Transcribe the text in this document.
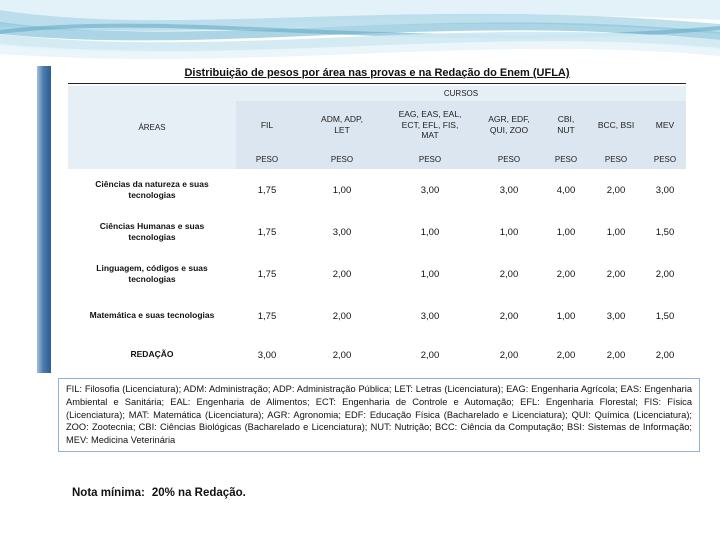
Distribuição de pesos por área nas provas e na Redação do Enem (UFLA)
ÁREAS	CURSOS						
	FIL	ADM, ADP, LET	EAG, EAS, EAL, ECT, EFL, FIS, MAT	AGR, EDF, QUI, ZOO	CBI, NUT	BCC, BSI	MEV
	PESO	PESO	PESO	PESO	PESO	PESO	PESO
Ciências da natureza e suas tecnologias	1,75	1,00	3,00	3,00	4,00	2,00	3,00
Ciências Humanas e suas tecnologias	1,75	3,00	1,00	1,00	1,00	1,00	1,50
Linguagem, códigos e suas tecnologias	1,75	2,00	1,00	2,00	2,00	2,00	2,00
Matemática e suas tecnologias	1,75	2,00	3,00	2,00	1,00	3,00	1,50
REDAÇÃO	3,00	2,00	2,00	2,00	2,00	2,00	2,00
FIL: Filosofia (Licenciatura); ADM: Administração; ADP: Administração Pública; LET: Letras (Licenciatura); EAG: Engenharia Agrícola; EAS: Engenharia Ambiental e Sanitária; EAL: Engenharia de Alimentos; ECT: Engenharia de Controle e Automação; EFL: Engenharia Florestal; FIS: Física (Licenciatura); MAT: Matemática (Licenciatura); AGR: Agronomia; EDF: Educação Física (Bacharelado e Licenciatura); QUI: Química (Licenciatura); ZOO: Zootecnia; CBI: Ciências Biológicas (Bacharelado e Licenciatura); NUT: Nutrição; BCC: Ciência da Computação; BSI: Sistemas de Informação; MEV: Medicina Veterinária
Nota mínima: 20% na Redação.
